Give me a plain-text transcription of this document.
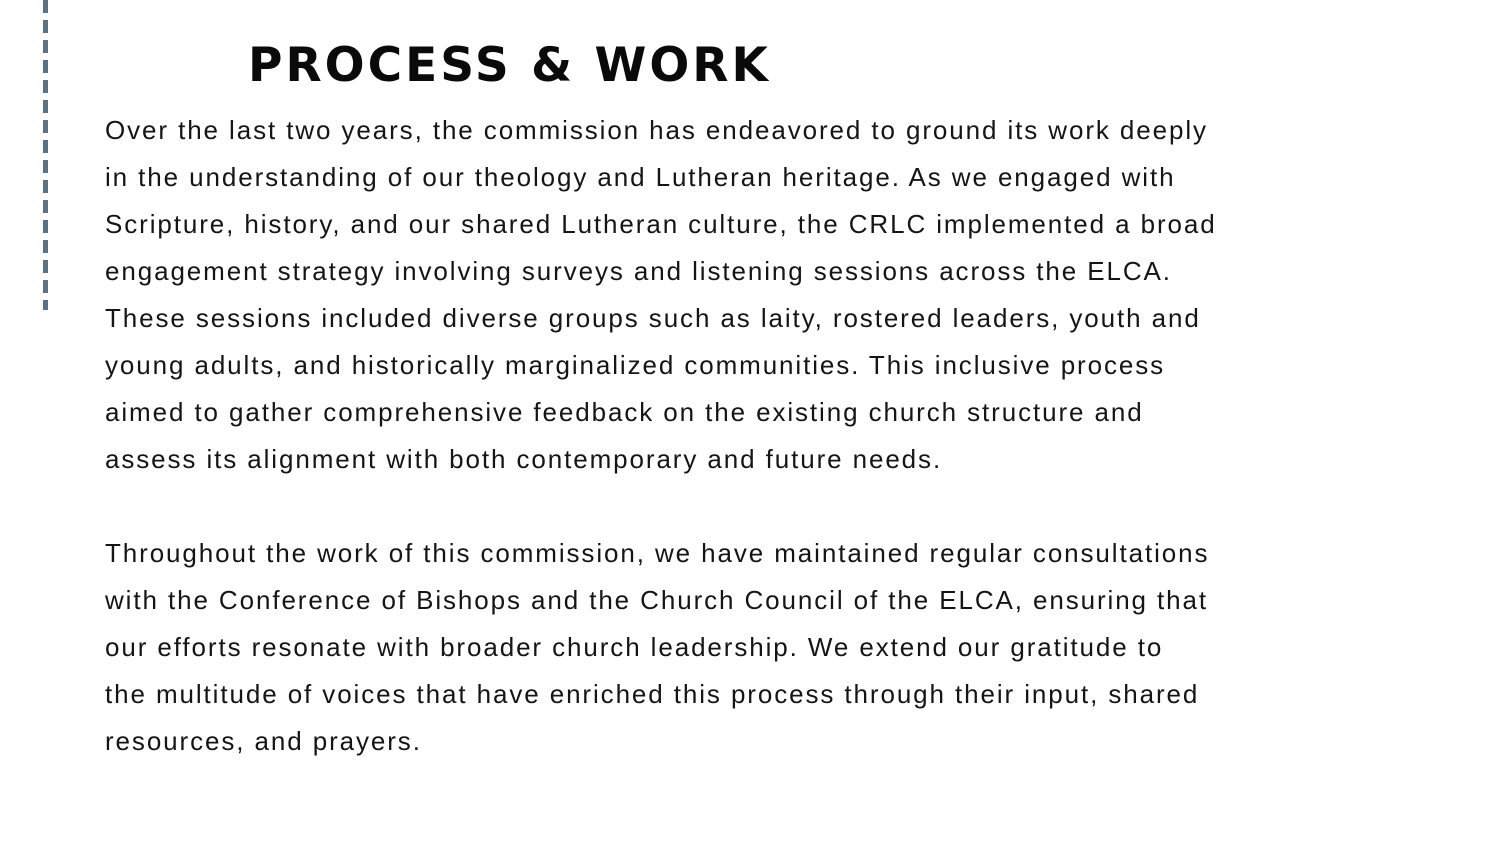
PROCESS & WORK

Over the last two years, the commission has endeavored to ground its work deeply
in the understanding of our theology and Lutheran heritage. As we engaged with
Scripture, history, and our shared Lutheran culture, the CRLC implemented a broad
engagement strategy involving surveys and listening sessions across the ELCA.
These sessions included diverse groups such as laity, rostered leaders, youth and
young adults, and historically marginalized communities. This inclusive process
aimed to gather comprehensive feedback on the existing church structure and
assess its alignment with both contemporary and future needs.

Throughout the work of this commission, we have maintained regular consultations
with the Conference of Bishops and the Church Council of the ELCA, ensuring that
our efforts resonate with broader church leadership. We extend our gratitude to
the multitude of voices that have enriched this process through their input, shared
resources, and prayers.
